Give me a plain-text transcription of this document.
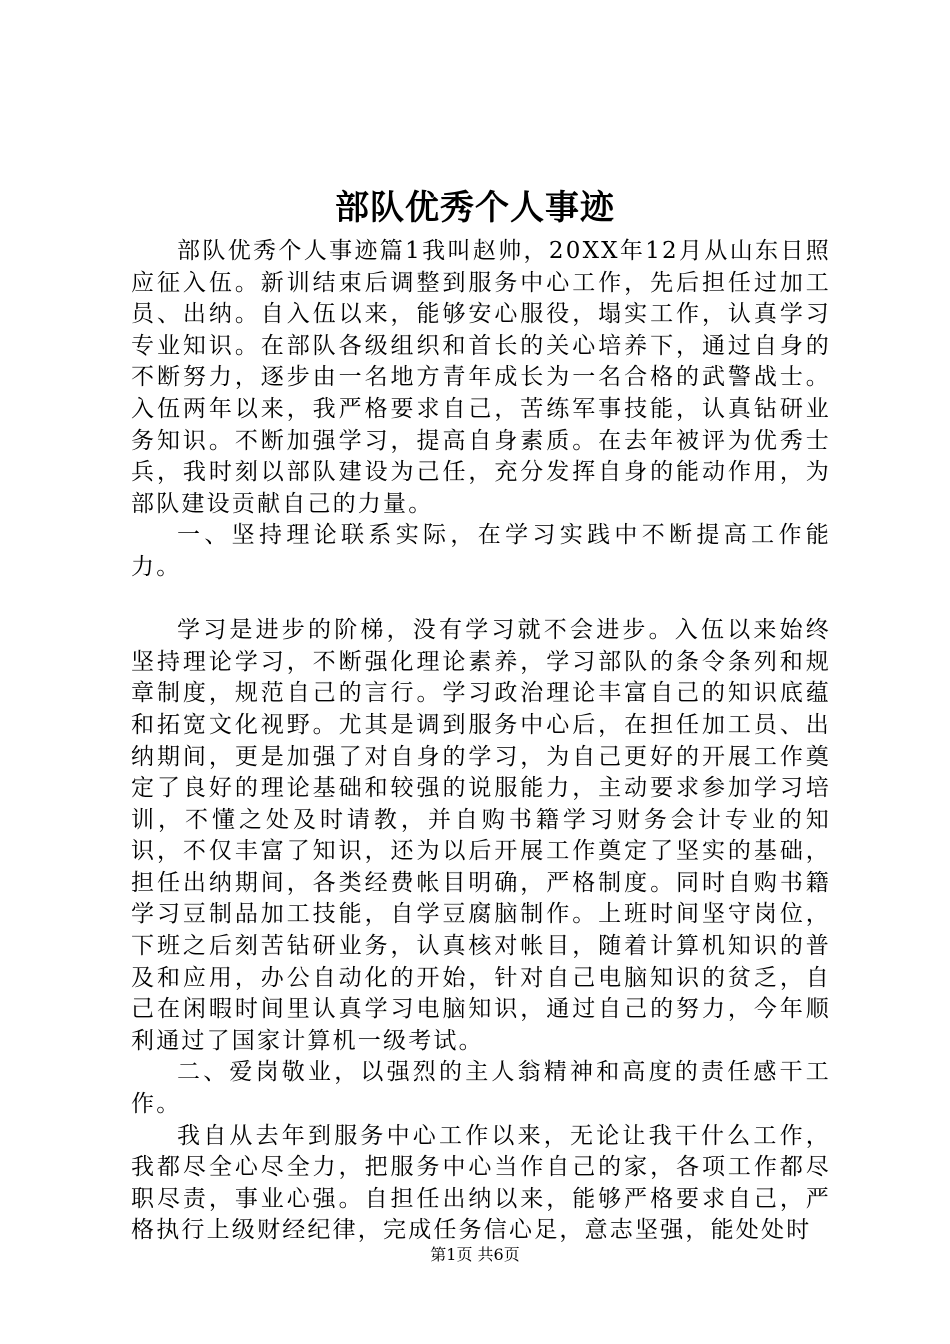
部队优秀个人事迹

部队优秀个人事迹篇1我叫赵帅，20XX年12月从山东日照应征入伍。新训结束后调整到服务中心工作，先后担任过加工员、出纳。自入伍以来，能够安心服役，塌实工作，认真学习专业知识。在部队各级组织和首长的关心培养下，通过自身的不断努力，逐步由一名地方青年成长为一名合格的武警战士。入伍两年以来，我严格要求自己，苦练军事技能，认真钻研业务知识。不断加强学习，提高自身素质。在去年被评为优秀士兵，我时刻以部队建设为己任，充分发挥自身的能动作用，为部队建设贡献自己的力量。

一、坚持理论联系实际，在学习实践中不断提高工作能力。

学习是进步的阶梯，没有学习就不会进步。入伍以来始终坚持理论学习，不断强化理论素养，学习部队的条令条列和规章制度，规范自己的言行。学习政治理论丰富自己的知识底蕴和拓宽文化视野。尤其是调到服务中心后，在担任加工员、出纳期间，更是加强了对自身的学习，为自己更好的开展工作奠定了良好的理论基础和较强的说服能力，主动要求参加学习培训，不懂之处及时请教，并自购书籍学习财务会计专业的知识，不仅丰富了知识，还为以后开展工作奠定了坚实的基础，担任出纳期间，各类经费帐目明确，严格制度。同时自购书籍学习豆制品加工技能，自学豆腐脑制作。上班时间坚守岗位，下班之后刻苦钻研业务，认真核对帐目，随着计算机知识的普及和应用，办公自动化的开始，针对自己电脑知识的贫乏，自己在闲暇时间里认真学习电脑知识，通过自己的努力，今年顺利通过了国家计算机一级考试。

二、爱岗敬业，以强烈的主人翁精神和高度的责任感干工作。

我自从去年到服务中心工作以来，无论让我干什么工作，我都尽全心尽全力，把服务中心当作自己的家，各项工作都尽职尽责，事业心强。自担任出纳以来，能够严格要求自己，严格执行上级财经纪律，完成任务信心足，意志坚强，能处处时

第1页 共6页
